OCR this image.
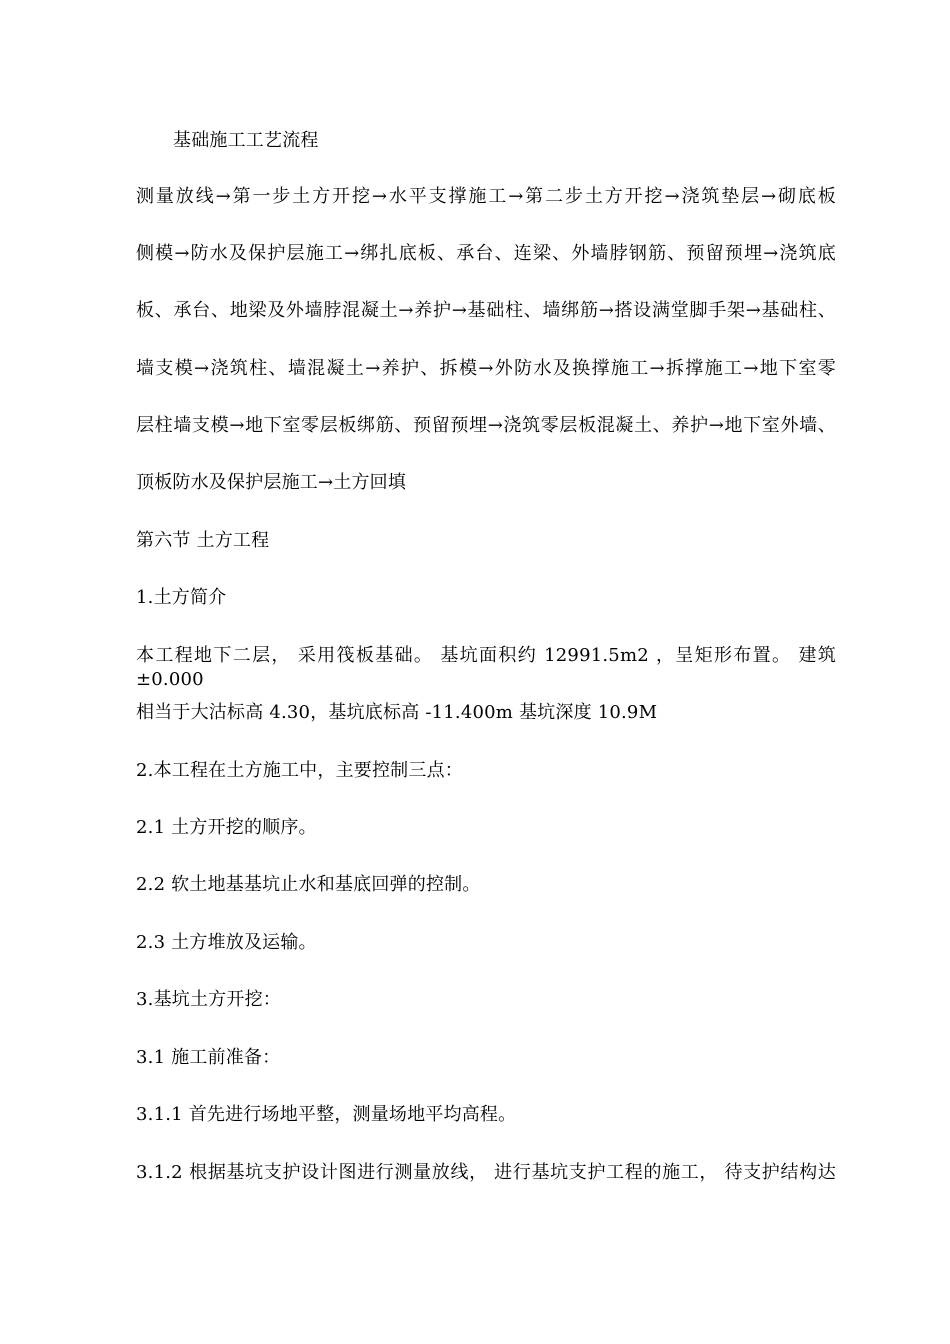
基础施工工艺流程
测量放线→第一步土方开挖→水平支撑施工→第二步土方开挖→浇筑垫层→砌底板
侧模→防水及保护层施工→绑扎底板、承台、连梁、外墙脖钢筋、预留预埋→浇筑底
板、承台、地梁及外墙脖混凝土→养护→基础柱、墙绑筋→搭设满堂脚手架→基础柱、
墙支模→浇筑柱、墙混凝土→养护、拆模→外防水及换撑施工→拆撑施工→地下室零
层柱墙支模→地下室零层板绑筋、预留预埋→浇筑零层板混凝土、养护→地下室外墙、
顶板防水及保护层施工→土方回填
第六节 土方工程
1.土方简介
本工程地下二层， 采用筏板基础。 基坑面积约 12991.5m2 ，呈矩形布置。 建筑±0.000
相当于大沽标高 4.30，基坑底标高 -11.400m 基坑深度 10.9M
2.本工程在土方施工中，主要控制三点：
2.1 土方开挖的顺序。
2.2 软土地基基坑止水和基底回弹的控制。
2.3 土方堆放及运输。
3.基坑土方开挖：
3.1 施工前准备：
3.1.1 首先进行场地平整，测量场地平均高程。
3.1.2 根据基坑支护设计图进行测量放线， 进行基坑支护工程的施工， 待支护结构达
